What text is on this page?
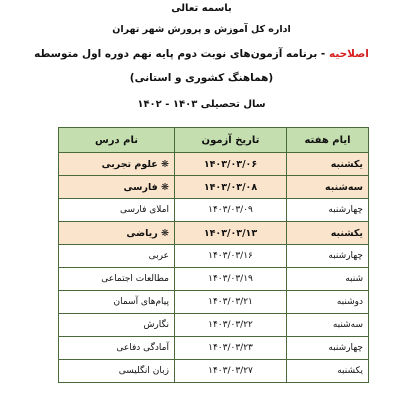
باسمه تعالی
اداره کل آموزش و پرورش شهر تهران
اصلاحیه - برنامه آزمون‌های نوبت دوم پایه نهم دوره اول متوسطه
(هماهنگ کشوری و استانی)
سال تحصیلی ۱۴۰۳ - ۱۴۰۲
ایام هفته	تاریخ آزمون	نام درس
یکشنبه	۱۴۰۳/۰۳/۰۶	❋ علوم تجربی
سه‌شنبه	۱۴۰۳/۰۳/۰۸	❋ فارسی
چهارشنبه	۱۴۰۳/۰۳/۰۹	املای فارسی
یکشنبه	۱۴۰۳/۰۳/۱۳	❋ ریاضی
چهارشنبه	۱۴۰۳/۰۳/۱۶	عربی
شنبه	۱۴۰۳/۰۳/۱۹	مطالعات اجتماعی
دوشنبه	۱۴۰۳/۰۳/۲۱	پیام‌های آسمان
سه‌شنبه	۱۴۰۳/۰۳/۲۲	نگارش
چهارشنبه	۱۴۰۳/۰۳/۲۳	آمادگی دفاعی
یکشنبه	۱۴۰۳/۰۳/۲۷	زبان انگلیسی
